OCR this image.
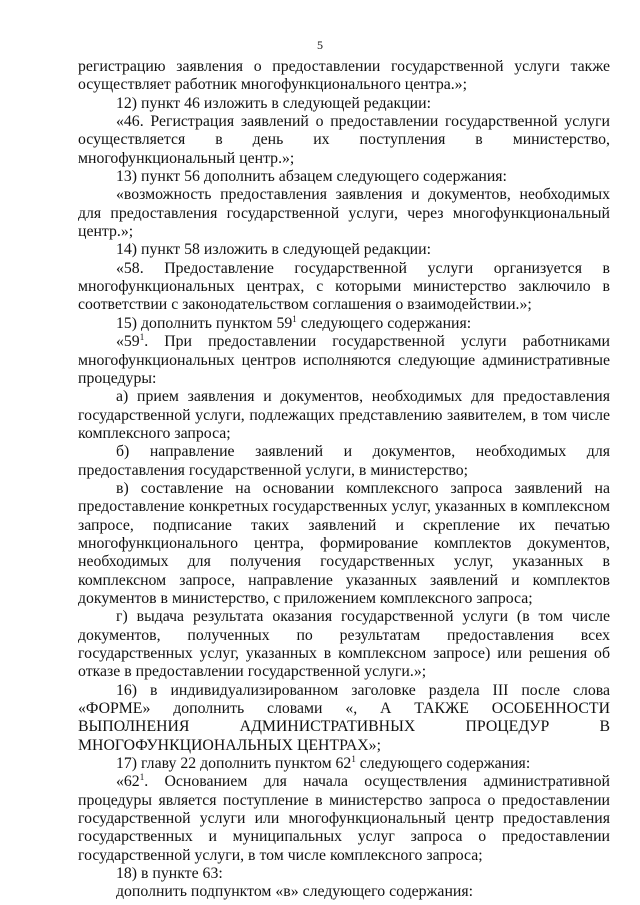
5

регистрацию заявления о предоставлении государственной услуги также осуществляет работник многофункционального центра.»;

12) пункт 46 изложить в следующей редакции:

«46. Регистрация заявлений о предоставлении государственной услуги осуществляется в день их поступления в министерство, многофункциональный центр.»;

13) пункт 56 дополнить абзацем следующего содержания:

«возможность предоставления заявления и документов, необходимых для предоставления государственной услуги, через многофункциональный центр.»;

14) пункт 58 изложить в следующей редакции:

«58. Предоставление государственной услуги организуется в многофункциональных центрах, с которыми министерство заключило в соответствии с законодательством соглашения о взаимодействии.»;

15) дополнить пунктом $59^1$ следующего содержания:

«$59^1$. При предоставлении государственной услуги работниками многофункциональных центров исполняются следующие административные процедуры:

а) прием заявления и документов, необходимых для предоставления государственной услуги, подлежащих представлению заявителем, в том числе комплексного запроса;

б) направление заявлений и документов, необходимых для предоставления государственной услуги, в министерство;

в) составление на основании комплексного запроса заявлений на предоставление конкретных государственных услуг, указанных в комплексном запросе, подписание таких заявлений и скрепление их печатью многофункционального центра, формирование комплектов документов, необходимых для получения государственных услуг, указанных в комплексном запросе, направление указанных заявлений и комплектов документов в министерство, с приложением комплексного запроса;

г) выдача результата оказания государственной услуги (в том числе документов, полученных по результатам предоставления всех государственных услуг, указанных в комплексном запросе) или решения об отказе в предоставлении государственной услуги.»;

16) в индивидуализированном заголовке раздела III после слова «ФОРМЕ» дополнить словами «, А ТАКЖЕ ОСОБЕННОСТИ ВЫПОЛНЕНИЯ АДМИНИСТРАТИВНЫХ ПРОЦЕДУР В МНОГОФУНКЦИОНАЛЬНЫХ ЦЕНТРАХ»;

17) главу 22 дополнить пунктом $62^1$ следующего содержания:

«$62^1$. Основанием для начала осуществления административной процедуры является поступление в министерство запроса о предоставлении государственной услуги или многофункциональный центр предоставления государственных и муниципальных услуг запроса о предоставлении государственной услуги, в том числе комплексного запроса;

18) в пункте 63:

дополнить подпунктом «в» следующего содержания:
